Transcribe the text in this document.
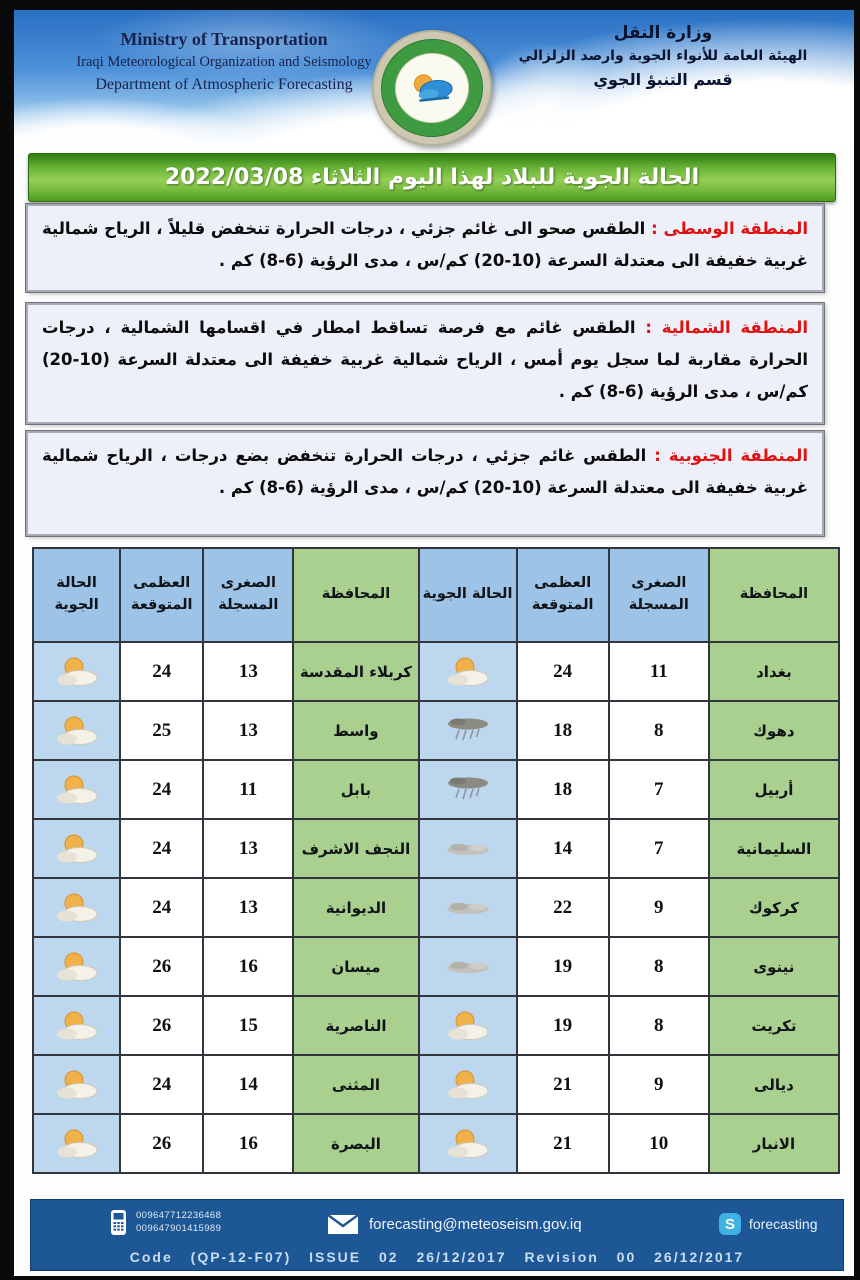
Ministry of Transportation
Iraqi Meteorological Organization and Seismology
Department of Atmospheric Forecasting
وزارة النقل
الهيئة العامة للأنواء الجوية وارصد الزلزالي
قسم التنبؤ الجوي
الحالة الجوية للبلاد لهذا اليوم الثلاثاء 2022/03/08
المنطقة الوسطى : الطقس صحو الى غائم جزئي ، درجات الحرارة تنخفض قليلاً ، الرياح شمالية غربية خفيفة الى معتدلة السرعة (10-20) كم/س ، مدى الرؤية (6-8) كم .
المنطقة الشمالية : الطقس غائم مع فرصة تساقط امطار في اقسامها الشمالية ، درجات الحرارة مقاربة لما سجل يوم أمس ، الرياح شمالية غربية خفيفة الى معتدلة السرعة (10-20) كم/س ، مدى الرؤية (6-8) كم .
المنطقة الجنوبية : الطقس غائم جزئي ، درجات الحرارة تنخفض بضع درجات ، الرياح شمالية غربية خفيفة الى معتدلة السرعة (10-20) كم/س ، مدى الرؤية (6-8) كم .
المحافظة	الصغرى المسجلة	العظمى المتوقعة	الحالة الجوية	المحافظة	الصغرى المسجلة	العظمى المتوقعة	الحالة الجوية
بغداد	11	24		كربلاء المقدسة	13	24	

دهوك	8	18		واسط	13	25	

أربيل	7	18		بابل	11	24	

السليمانية	7	14		النجف الاشرف	13	24	

كركوك	9	22		الديوانية	13	24	

نينوى	8	19		ميسان	16	26	

تكريت	8	19		الناصرية	15	26	

ديالى	9	21		المثنى	14	24	

الانبار	10	21		البصرة	16	26	
009647712236468
009647901415989	forecasting@meteoseism.gov.iq	S	forecasting
Code (QP-12-F07) ISSUE 02 26/12/2017 Revision 00 26/12/2017
